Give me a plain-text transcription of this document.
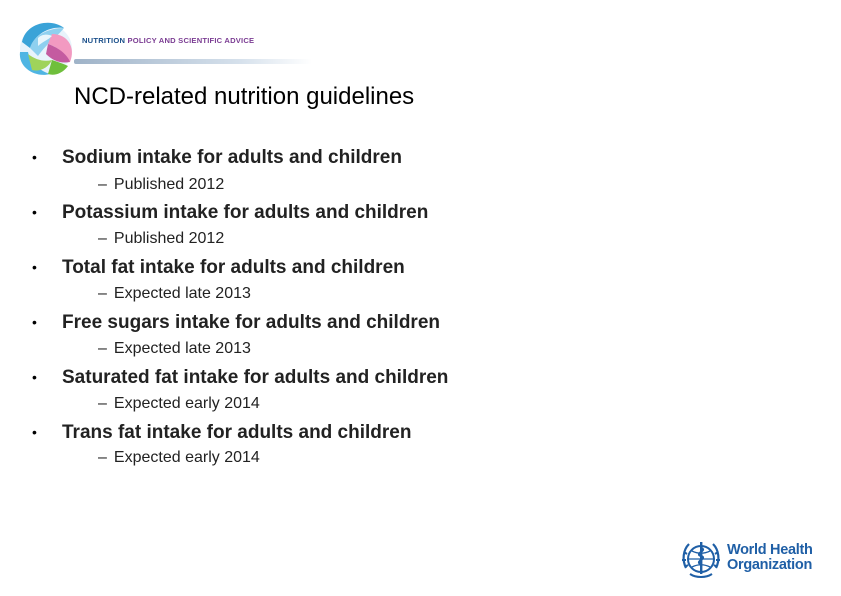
NUTRITION POLICY AND SCIENTIFIC ADVICE
NCD-related nutrition guidelines
• Sodium intake for adults and children
– Published 2012
• Potassium intake for adults and children
– Published 2012
• Total fat intake for adults and children
– Expected late 2013
• Free sugars intake for adults and children
– Expected late 2013
• Saturated fat intake for adults and children
– Expected early 2014
• Trans fat intake for adults and children
– Expected early 2014
World Health
Organization
